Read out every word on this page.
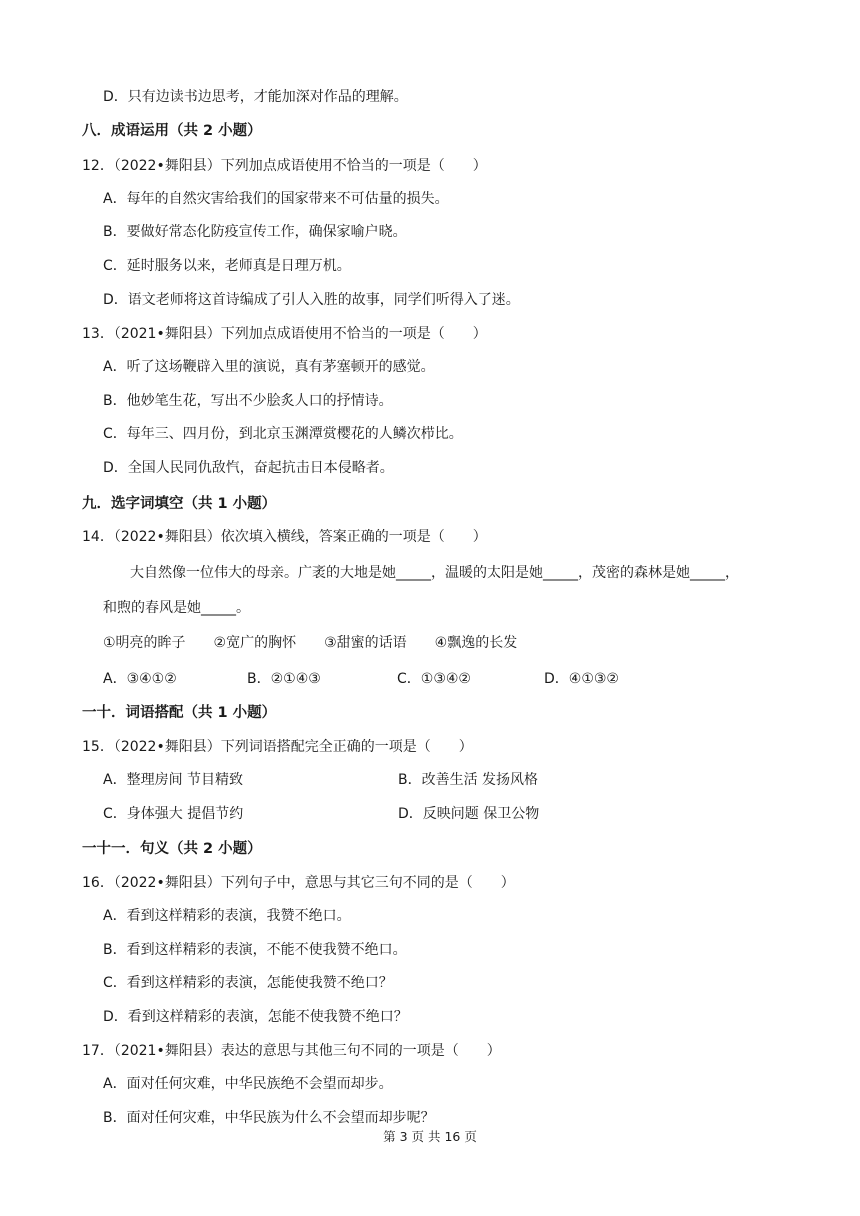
D．只有边读书边思考，才能加深对作品的理解。
八．成语运用（共 2 小题）
12．（2022•舞阳县）下列加点成语使用不恰当的一项是（　　）
A．每年的自然灾害给我们的国家带来不可估量的损失。
B．要做好常态化防疫宣传工作，确保家喻户晓。
C．延时服务以来，老师真是日理万机。
D．语文老师将这首诗编成了引人入胜的故事，同学们听得入了迷。
13．（2021•舞阳县）下列加点成语使用不恰当的一项是（　　）
A．听了这场鞭辟入里的演说，真有茅塞顿开的感觉。
B．他妙笔生花，写出不少脍炙人口的抒情诗。
C．每年三、四月份，到北京玉渊潭赏樱花的人鳞次栉比。
D．全国人民同仇敌忾，奋起抗击日本侵略者。
九．选字词填空（共 1 小题）
14．（2022•舞阳县）依次填入横线，答案正确的一项是（　　）
大自然像一位伟大的母亲。广袤的大地是她_____，温暖的太阳是她_____，茂密的森林是她_____，
和煦的春风是她_____。
①明亮的眸子　　②宽广的胸怀　　③甜蜜的话语　　④飘逸的长发
A．③④①②	B．②①④③	C．①③④②	D．④①③②
一十．词语搭配（共 1 小题）
15．（2022•舞阳县）下列词语搭配完全正确的一项是（　　）
A．整理房间 节目精致	B．改善生活 发扬风格
C．身体强大 提倡节约	D．反映问题 保卫公物
一十一．句义（共 2 小题）
16．（2022•舞阳县）下列句子中，意思与其它三句不同的是（　　）
A．看到这样精彩的表演，我赞不绝口。
B．看到这样精彩的表演，不能不使我赞不绝口。
C．看到这样精彩的表演，怎能使我赞不绝口？
D．看到这样精彩的表演，怎能不使我赞不绝口？
17．（2021•舞阳县）表达的意思与其他三句不同的一项是（　　）
A．面对任何灾难，中华民族绝不会望而却步。
B．面对任何灾难，中华民族为什么不会望而却步呢？
第 3 页 共 16 页
